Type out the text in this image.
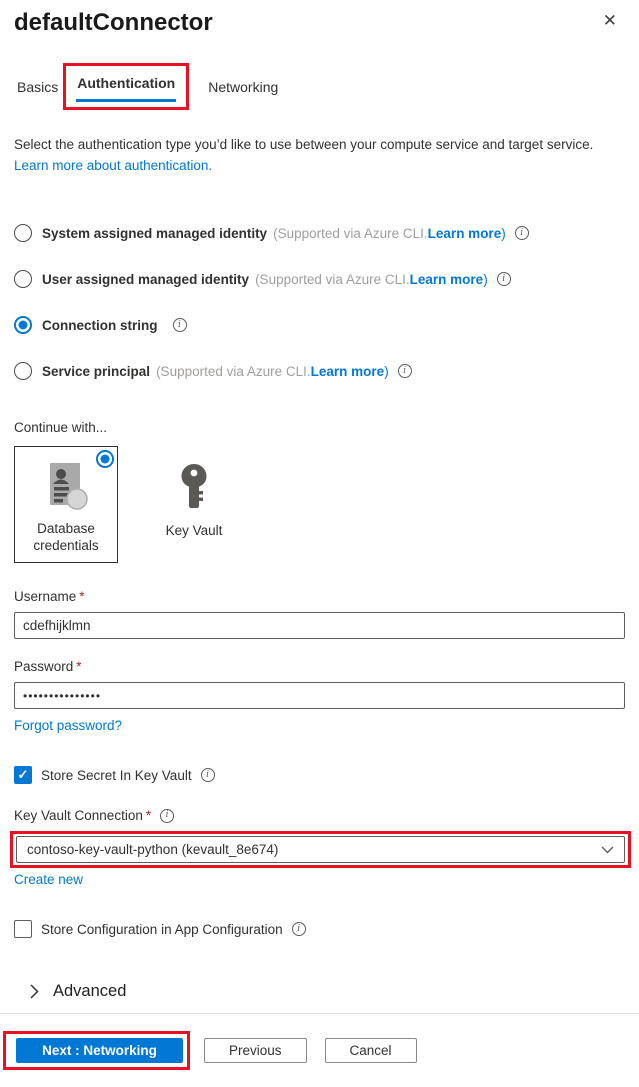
defaultConnector	✕
Basics	Authentication	Networking
Select the authentication type you’d like to use between your compute service and target service. Learn more about authentication.
System assigned managed identity (Supported via Azure CLI. Learn more )	i
User assigned managed identity (Supported via Azure CLI. Learn more )	i
Connection string	i
Service principal (Supported via Azure CLI. Learn more )	i
Continue with...
Database credentials
Key Vault
Username *
cdefhijklmn
Password *
••••••••••••••• Forgot password?
✓
Store Secret In Key Vault	i
Key Vault Connection *	i
contoso-key-vault-python (kevault_8e674)
Create new
Store Configuration in App Configuration	i
Advanced
Next : Networking	Previous	Cancel
